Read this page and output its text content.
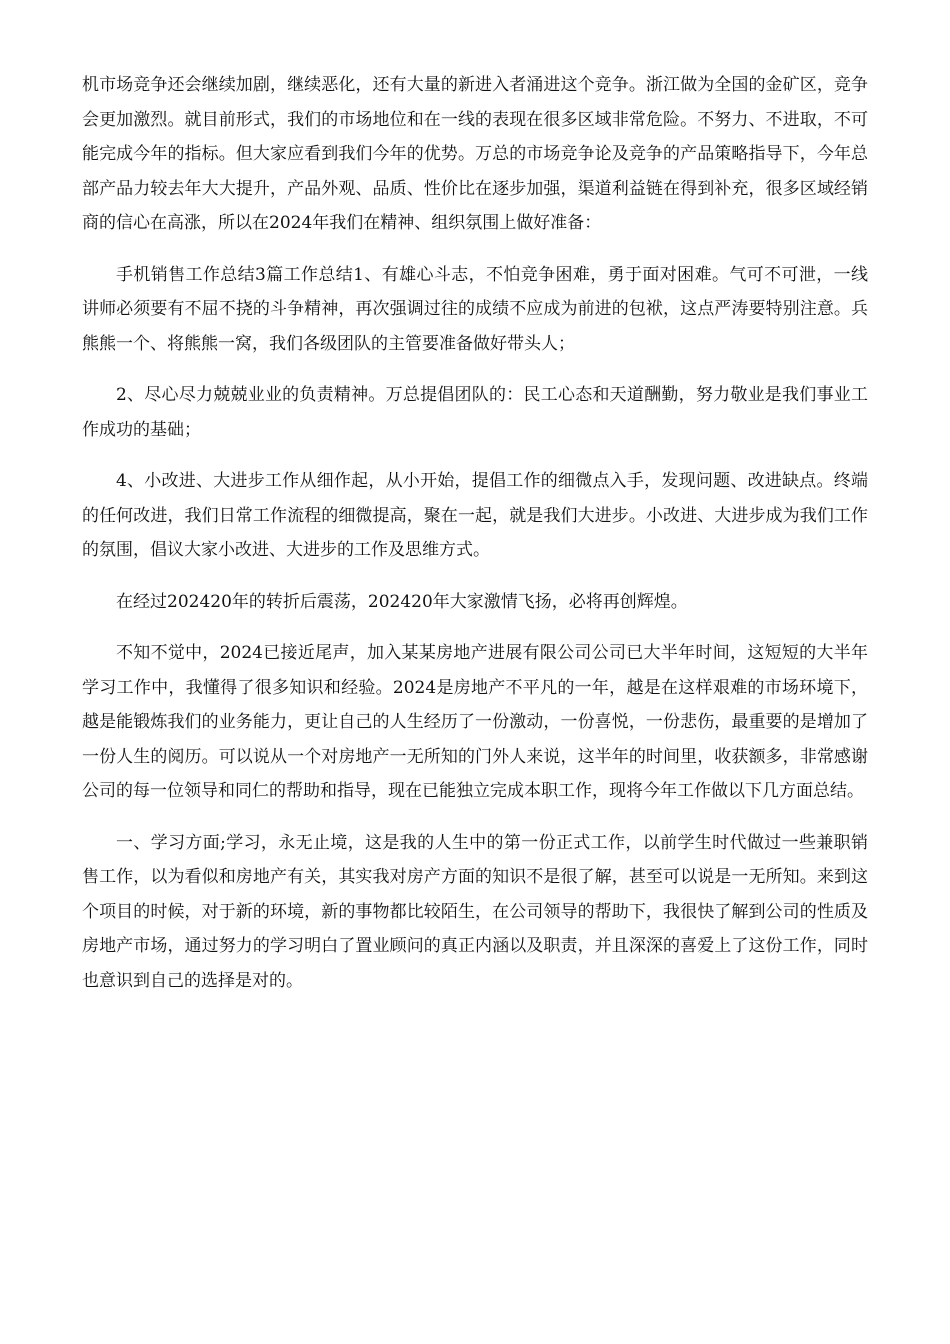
机市场竞争还会继续加剧，继续恶化，还有大量的新进入者涌进这个竞争。浙江做为全国的金矿区，竞争会更加激烈。就目前形式，我们的市场地位和在一线的表现在很多区域非常危险。不努力、不进取，不可能完成今年的指标。但大家应看到我们今年的优势。万总的市场竞争论及竞争的产品策略指导下，今年总部产品力较去年大大提升，产品外观、品质、性价比在逐步加强，渠道利益链在得到补充，很多区域经销商的信心在高涨，所以在2024年我们在精神、组织氛围上做好准备：

手机销售工作总结3篇工作总结1、有雄心斗志，不怕竞争困难，勇于面对困难。气可不可泄，一线讲师必须要有不屈不挠的斗争精神，再次强调过往的成绩不应成为前进的包袱，这点严涛要特别注意。兵熊熊一个、将熊熊一窝，我们各级团队的主管要准备做好带头人；

2、尽心尽力兢兢业业的负责精神。万总提倡团队的：民工心态和天道酬勤，努力敬业是我们事业工作成功的基础；

4、小改进、大进步工作从细作起，从小开始，提倡工作的细微点入手，发现问题、改进缺点。终端的任何改进，我们日常工作流程的细微提高，聚在一起，就是我们大进步。小改进、大进步成为我们工作的氛围，倡议大家小改进、大进步的工作及思维方式。

在经过202420年的转折后震荡，202420年大家激情飞扬，必将再创辉煌。

不知不觉中，2024已接近尾声，加入某某房地产进展有限公司公司已大半年时间，这短短的大半年学习工作中，我懂得了很多知识和经验。2024是房地产不平凡的一年，越是在这样艰难的市场环境下，越是能锻炼我们的业务能力，更让自己的人生经历了一份激动，一份喜悦，一份悲伤，最重要的是增加了一份人生的阅历。可以说从一个对房地产一无所知的门外人来说，这半年的时间里，收获额多，非常感谢公司的每一位领导和同仁的帮助和指导，现在已能独立完成本职工作，现将今年工作做以下几方面总结。

一、学习方面;学习，永无止境，这是我的人生中的第一份正式工作，以前学生时代做过一些兼职销售工作，以为看似和房地产有关，其实我对房产方面的知识不是很了解，甚至可以说是一无所知。来到这个项目的时候，对于新的环境，新的事物都比较陌生，在公司领导的帮助下，我很快了解到公司的性质及房地产市场，通过努力的学习明白了置业顾问的真正内涵以及职责，并且深深的喜爱上了这份工作，同时也意识到自己的选择是对的。
